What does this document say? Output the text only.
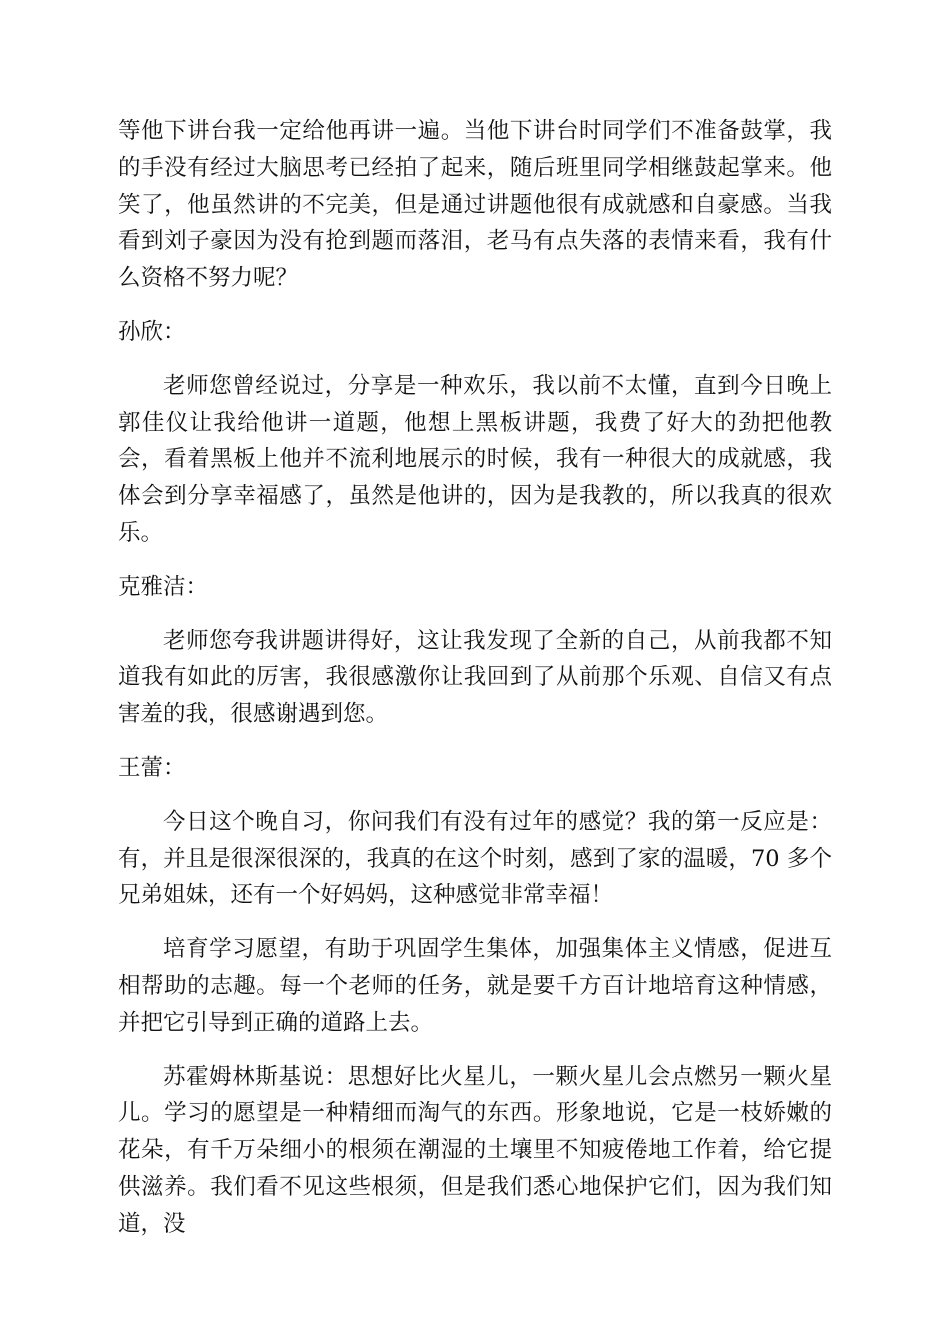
等他下讲台我一定给他再讲一遍。当他下讲台时同学们不准备鼓掌，我的手没有经过大脑思考已经拍了起来，随后班里同学相继鼓起掌来。他笑了，他虽然讲的不完美，但是通过讲题他很有成就感和自豪感。当我看到刘子豪因为没有抢到题而落泪，老马有点失落的表情来看，我有什么资格不努力呢？

孙欣：

老师您曾经说过，分享是一种欢乐，我以前不太懂，直到今日晚上郭佳仪让我给他讲一道题，他想上黑板讲题，我费了好大的劲把他教会，看着黑板上他并不流利地展示的时候，我有一种很大的成就感，我体会到分享幸福感了，虽然是他讲的，因为是我教的，所以我真的很欢乐。

克雅洁：

老师您夸我讲题讲得好，这让我发现了全新的自己，从前我都不知道我有如此的厉害，我很感激你让我回到了从前那个乐观、自信又有点害羞的我，很感谢遇到您。

王蕾：

今日这个晚自习，你问我们有没有过年的感觉？我的第一反应是：有，并且是很深很深的，我真的在这个时刻，感到了家的温暖，70 多个兄弟姐妹，还有一个好妈妈，这种感觉非常幸福！

培育学习愿望，有助于巩固学生集体，加强集体主义情感，促进互相帮助的志趣。每一个老师的任务，就是要千方百计地培育这种情感，并把它引导到正确的道路上去。

苏霍姆林斯基说：思想好比火星儿，一颗火星儿会点燃另一颗火星儿。学习的愿望是一种精细而淘气的东西。形象地说，它是一枝娇嫩的花朵，有千万朵细小的根须在潮湿的土壤里不知疲倦地工作着，给它提供滋养。我们看不见这些根须，但是我们悉心地保护它们，因为我们知道，没
